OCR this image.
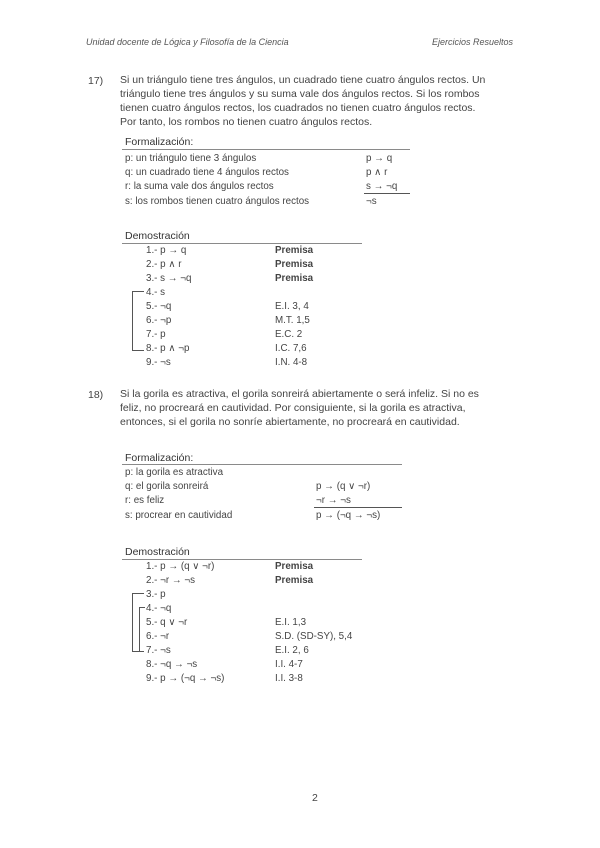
Unidad docente de Lógica y Filosofía de la Ciencia	Ejercicios Resueltos
17) Si un triángulo tiene tres ángulos, un cuadrado tiene cuatro ángulos rectos. Un
triángulo tiene tres ángulos y su suma vale dos ángulos rectos. Si los rombos
tienen cuatro ángulos rectos, los cuadrados no tienen cuatro ángulos rectos.
Por tanto, los rombos no tienen cuatro ángulos rectos.
Formalización:
p: un triángulo tiene 3 ángulos	p → q
q: un cuadrado tiene 4 ángulos rectos	p ∧ r
r: la suma vale dos ángulos rectos	s → ¬q
s: los rombos tienen cuatro ángulos rectos	¬s
Demostración
1.- p → q	Premisa
2.- p ∧ r	Premisa
3.- s → ¬q	Premisa
4.- s
5.- ¬q	E.I. 3, 4
6.- ¬p	M.T. 1,5
7.- p	E.C. 2
8.- p ∧ ¬p	I.C. 7,6
9.- ¬s	I.N. 4-8
18) Si la gorila es atractiva, el gorila sonreirá abiertamente o será infeliz. Si no es
feliz, no procreará en cautividad. Por consiguiente, si la gorila es atractiva,
entonces, si el gorila no sonríe abiertamente, no procreará en cautividad.
Formalización:
p: la gorila es atractiva
q: el gorila sonreirá	p → (q ∨ ¬r)
r: es feliz	¬r → ¬s
s: procrear en cautividad	p → (¬q → ¬s)
Demostración
1.- p → (q ∨ ¬r)	Premisa
2.- ¬r → ¬s	Premisa
3.- p
4.- ¬q
5.- q ∨ ¬r	E.I. 1,3
6.- ¬r	S.D. (SD-SY), 5,4
7.- ¬s	E.I. 2, 6
8.- ¬q → ¬s	I.I. 4-7
9.- p → (¬q → ¬s)	I.I. 3-8
2
